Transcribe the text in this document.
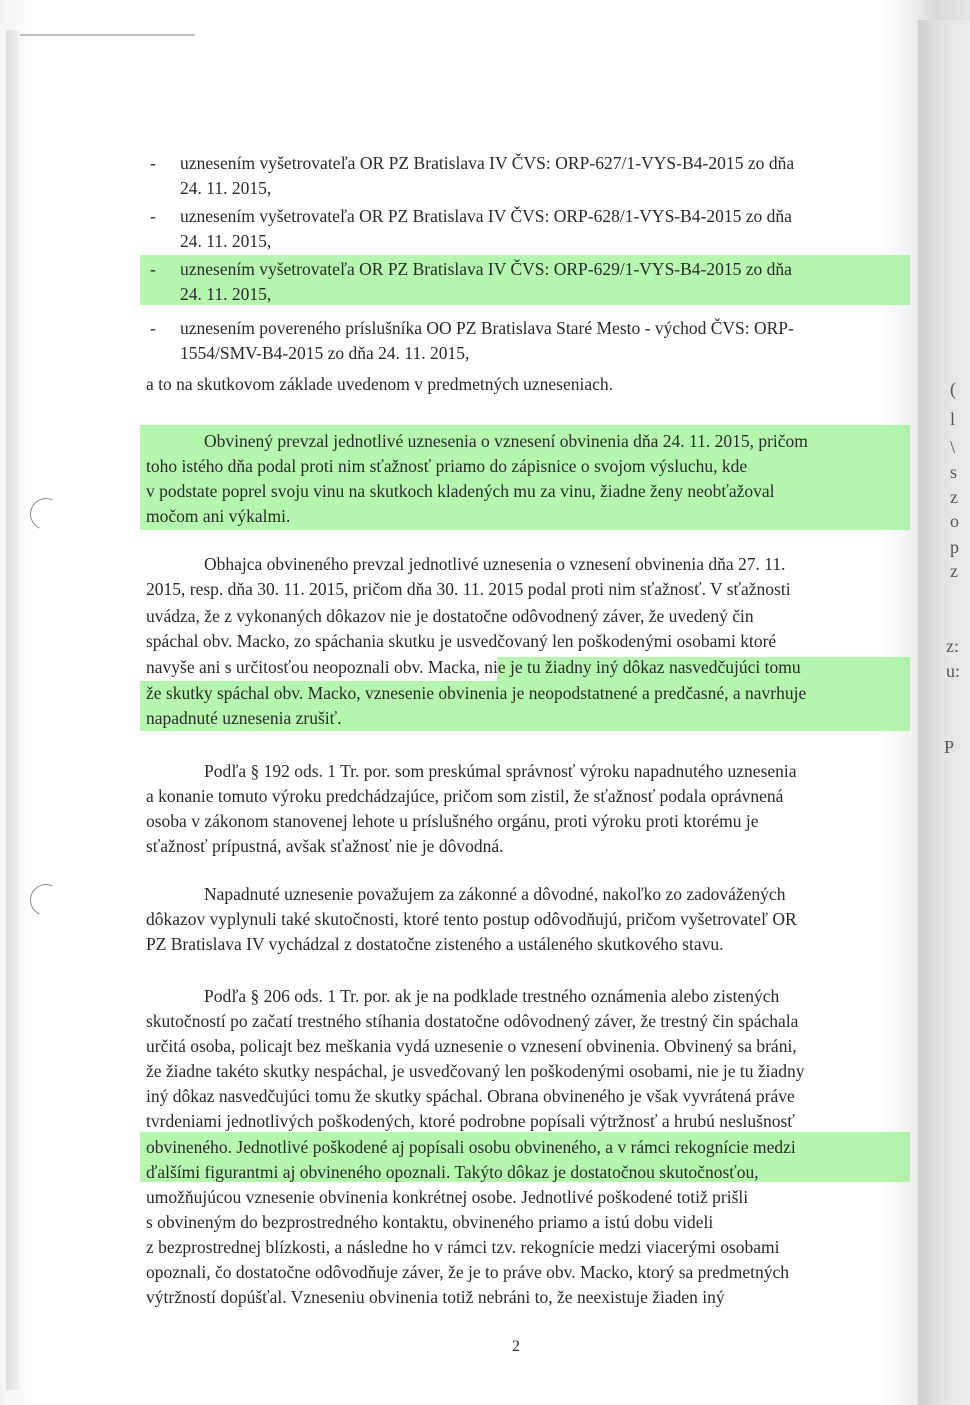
(
l
\
s
z
o
p
z
z:
u:
P
- uznesením vyšetrovateľa OR PZ Bratislava IV ČVS: ORP-627/1-VYS-B4-2015 zo dňa
24. 11. 2015,
- uznesením vyšetrovateľa OR PZ Bratislava IV ČVS: ORP-628/1-VYS-B4-2015 zo dňa
24. 11. 2015,
- uznesením vyšetrovateľa OR PZ Bratislava IV ČVS: ORP-629/1-VYS-B4-2015 zo dňa
24. 11. 2015,
- uznesením povereného príslušníka OO PZ Bratislava Staré Mesto - východ ČVS: ORP-
1554/SMV-B4-2015 zo dňa 24. 11. 2015,
a to na skutkovom základe uvedenom v predmetných uzneseniach.
Obvinený prevzal jednotlivé uznesenia o vznesení obvinenia dňa 24. 11. 2015, pričom
toho istého dňa podal proti nim sťažnosť priamo do zápisnice o svojom výsluchu, kde
v podstate poprel svoju vinu na skutkoch kladených mu za vinu, žiadne ženy neobťažoval
močom ani výkalmi.
Obhajca obvineného prevzal jednotlivé uznesenia o vznesení obvinenia dňa 27. 11.
2015, resp. dňa 30. 11. 2015, pričom dňa 30. 11. 2015 podal proti nim sťažnosť. V sťažnosti
uvádza, že z vykonaných dôkazov nie je dostatočne odôvodnený záver, že uvedený čin
spáchal obv. Macko, zo spáchania skutku je usvedčovaný len poškodenými osobami ktoré
navyše ani s určitosťou neopoznali obv. Macka, nie je tu žiadny iný dôkaz nasvedčujúci tomu
že skutky spáchal obv. Macko, vznesenie obvinenia je neopodstatnené a predčasné, a navrhuje
napadnuté uznesenia zrušiť.
Podľa § 192 ods. 1 Tr. por. som preskúmal správnosť výroku napadnutého uznesenia
a konanie tomuto výroku predchádzajúce, pričom som zistil, že sťažnosť podala oprávnená
osoba v zákonom stanovenej lehote u príslušného orgánu, proti výroku proti ktorému je
sťažnosť prípustná, avšak sťažnosť nie je dôvodná.
Napadnuté uznesenie považujem za zákonné a dôvodné, nakoľko zo zadovážených
dôkazov vyplynuli také skutočnosti, ktoré tento postup odôvodňujú, pričom vyšetrovateľ OR
PZ Bratislava IV vychádzal z dostatočne zisteného a ustáleného skutkového stavu.
Podľa § 206 ods. 1 Tr. por. ak je na podklade trestného oznámenia alebo zistených
skutočností po začatí trestného stíhania dostatočne odôvodnený záver, že trestný čin spáchala
určitá osoba, policajt bez meškania vydá uznesenie o vznesení obvinenia. Obvinený sa bráni,
že žiadne takéto skutky nespáchal, je usvedčovaný len poškodenými osobami, nie je tu žiadny
iný dôkaz nasvedčujúci tomu že skutky spáchal. Obrana obvineného je však vyvrátená práve
tvrdeniami jednotlivých poškodených, ktoré podrobne popísali výtržnosť a hrubú neslušnosť
obvineného. Jednotlivé poškodené aj popísali osobu obvineného, a v rámci rekognície medzi
ďalšími figurantmi aj obvineného opoznali. Takýto dôkaz je dostatočnou skutočnosťou,
umožňujúcou vznesenie obvinenia konkrétnej osobe. Jednotlivé poškodené totiž prišli
s obvineným do bezprostredného kontaktu, obvineného priamo a istú dobu videli
z bezprostrednej blízkosti, a následne ho v rámci tzv. rekognície medzi viacerými osobami
opoznali, čo dostatočne odôvodňuje záver, že je to práve obv. Macko, ktorý sa predmetných
výtržností dopúšťal. Vzneseniu obvinenia totiž nebráni to, že neexistuje žiaden iný
2
